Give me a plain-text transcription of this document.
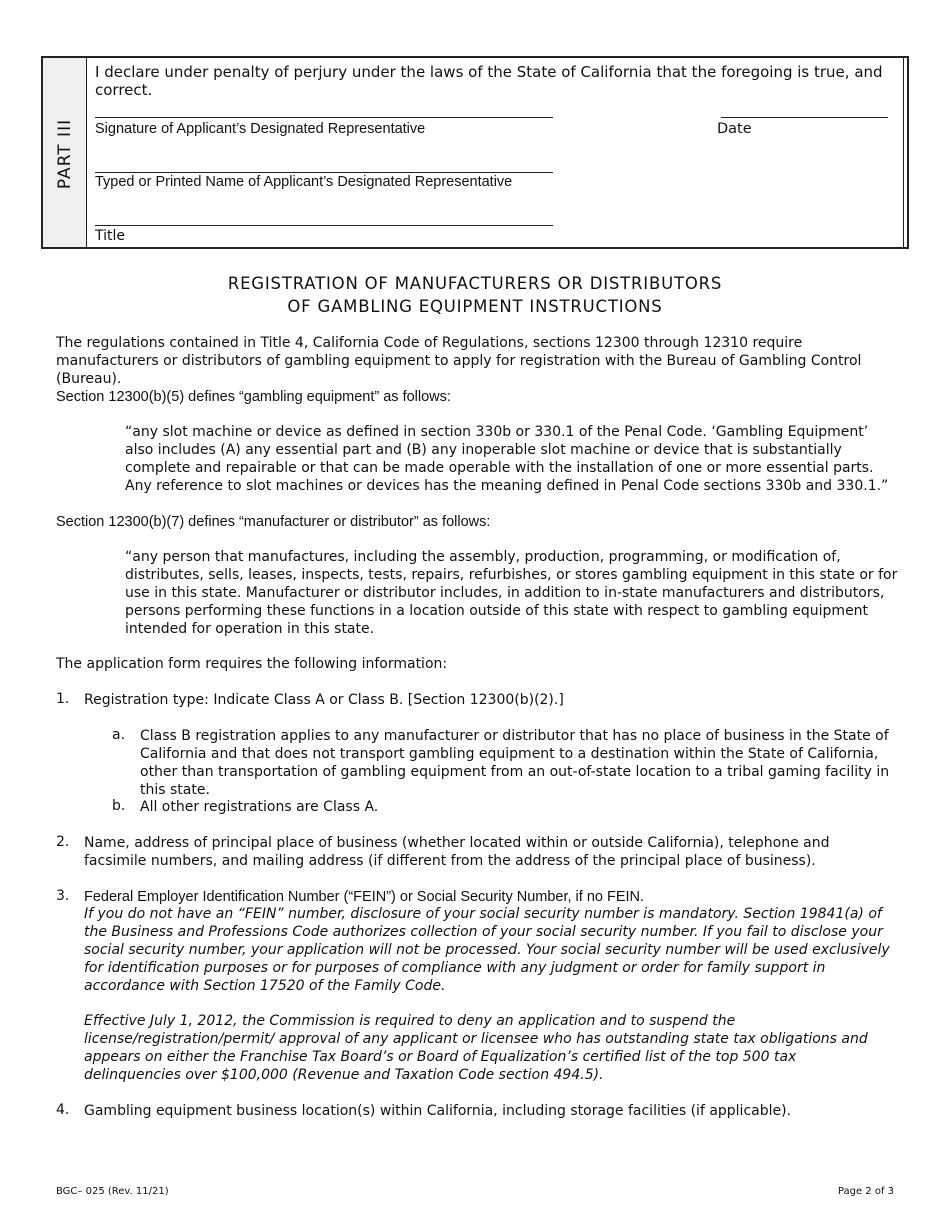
PART III
I declare under penalty of perjury under the laws of the State of California that the foregoing is true, and correct.
Signature of Applicant’s Designated Representative	Date
Typed or Printed Name of Applicant’s Designated Representative
Title
REGISTRATION OF MANUFACTURERS OR DISTRIBUTORS
OF GAMBLING EQUIPMENT INSTRUCTIONS
The regulations contained in Title 4, California Code of Regulations, sections 12300 through 12310 require manufacturers or distributors of gambling equipment to apply for registration with the Bureau of Gambling Control (Bureau).
Section 12300(b)(5) defines “gambling equipment” as follows:
“any slot machine or device as defined in section 330b or 330.1 of the Penal Code. ‘Gambling Equipment’ also includes (A) any essential part and (B) any inoperable slot machine or device that is substantially complete and repairable or that can be made operable with the installation of one or more essential parts. Any reference to slot machines or devices has the meaning defined in Penal Code sections 330b and 330.1.”
Section 12300(b)(7) defines “manufacturer or distributor” as follows:
“any person that manufactures, including the assembly, production, programming, or modification of, distributes, sells, leases, inspects, tests, repairs, refurbishes, or stores gambling equipment in this state or for use in this state. Manufacturer or distributor includes, in addition to in-state manufacturers and distributors, persons performing these functions in a location outside of this state with respect to gambling equipment intended for operation in this state.
The application form requires the following information:
1. Registration type: Indicate Class A or Class B. [Section 12300(b)(2).]
a. Class B registration applies to any manufacturer or distributor that has no place of business in the State of California and that does not transport gambling equipment to a destination within the State of California, other than transportation of gambling equipment from an out-of-state location to a tribal gaming facility in this state.
b. All other registrations are Class A.
2. Name, address of principal place of business (whether located within or outside California), telephone and facsimile numbers, and mailing address (if different from the address of the principal place of business).
3. Federal Employer Identification Number (“FEIN”) or Social Security Number, if no FEIN.
If you do not have an “FEIN” number, disclosure of your social security number is mandatory. Section 19841(a) of the Business and Professions Code authorizes collection of your social security number. If you fail to disclose your social security number, your application will not be processed. Your social security number will be used exclusively for identification purposes or for purposes of compliance with any judgment or order for family support in accordance with Section 17520 of the Family Code.
Effective July 1, 2012, the Commission is required to deny an application and to suspend the license/registration/permit/ approval of any applicant or licensee who has outstanding state tax obligations and appears on either the Franchise Tax Board’s or Board of Equalization’s certified list of the top 500 tax delinquencies over $100,000 (Revenue and Taxation Code section 494.5).
4. Gambling equipment business location(s) within California, including storage facilities (if applicable).
BGC– 025 (Rev. 11/21)	Page 2 of 3
